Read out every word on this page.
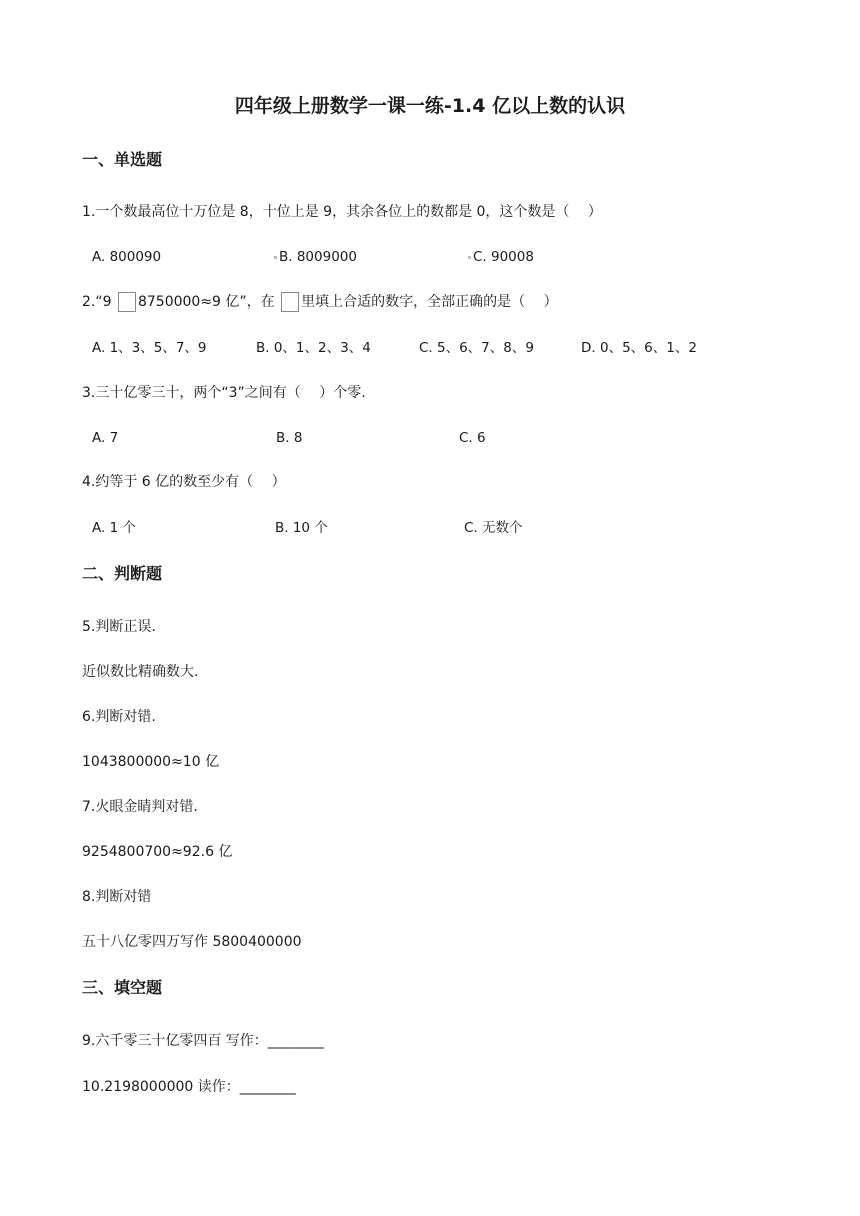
四年级上册数学一课一练-1.4 亿以上数的认识
一、单选题
1.一个数最高位十万位是 8，十位上是 9，其余各位上的数都是 0，这个数是（　 ）
A. 800090	B. 8009000	C. 90008
2.“9 8750000≈9 亿”，在 里填上合适的数字，全部正确的是（　 ）
A. 1、3、5、7、9	B. 0、1、2、3、4	C. 5、6、7、8、9	D. 0、5、6、1、2
3.三十亿零三十，两个“3”之间有（　 ）个零.
A. 7	B. 8	C. 6
4.约等于 6 亿的数至少有（　 ）
A. 1 个	B. 10 个	C. 无数个
二、判断题
5.判断正误.
近似数比精确数大.
6.判断对错.
1043800000≈10 亿
7.火眼金睛判对错.
9254800700≈92.6 亿
8.判断对错
五十八亿零四万写作 5800400000
三、填空题
9.六千零三十亿零四百 写作：________
10.2198000000 读作：________
